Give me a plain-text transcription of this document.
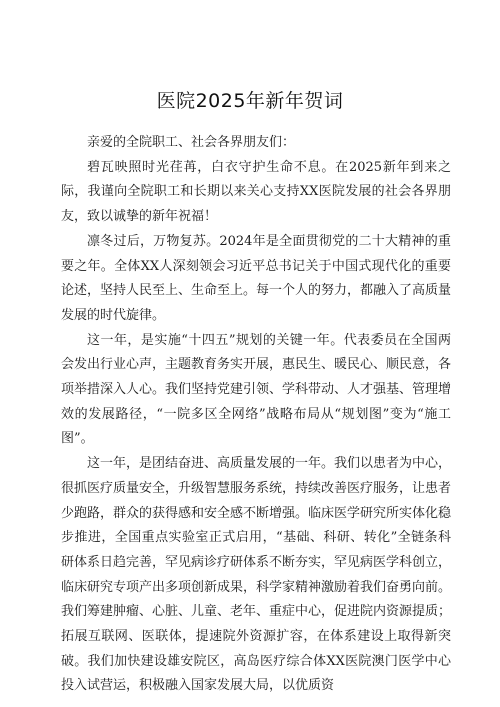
医院2025年新年贺词

亲爱的全院职工、社会各界朋友们：

碧瓦映照时光荏苒，白衣守护生命不息。在2025新年到来之际，我谨向全院职工和长期以来关心支持XX医院发展的社会各界朋友，致以诚挚的新年祝福！

凛冬过后，万物复苏。2024年是全面贯彻党的二十大精神的重要之年。全体XX人深刻领会习近平总书记关于中国式现代化的重要论述，坚持人民至上、生命至上。每一个人的努力，都融入了高质量发展的时代旋律。

这一年，是实施“十四五”规划的关键一年。代表委员在全国两会发出行业心声，主题教育务实开展，惠民生、暖民心、顺民意，各项举措深入人心。我们坚持党建引领、学科带动、人才强基、管理增效的发展路径，“一院多区全网络”战略布局从“规划图”变为“施工图”。

这一年，是团结奋进、高质量发展的一年。我们以患者为中心，很抓医疗质量安全，升级智慧服务系统，持续改善医疗服务，让患者少跑路，群众的获得感和安全感不断增强。临床医学研究所实体化稳步推进，全国重点实验室正式启用，“基础、科研、转化”全链条科研体系日趋完善，罕见病诊疗研体系不断夯实，罕见病医学科创立，临床研究专项产出多项创新成果，科学家精神激励着我们奋勇向前。我们筹建肿瘤、心脏、儿童、老年、重症中心，促进院内资源提质；拓展互联网、医联体，提速院外资源扩容，在体系建设上取得新突破。我们加快建设雄安院区，高岛医疗综合体XX医院澳门医学中心投入试营运，积极融入国家发展大局，以优质资
